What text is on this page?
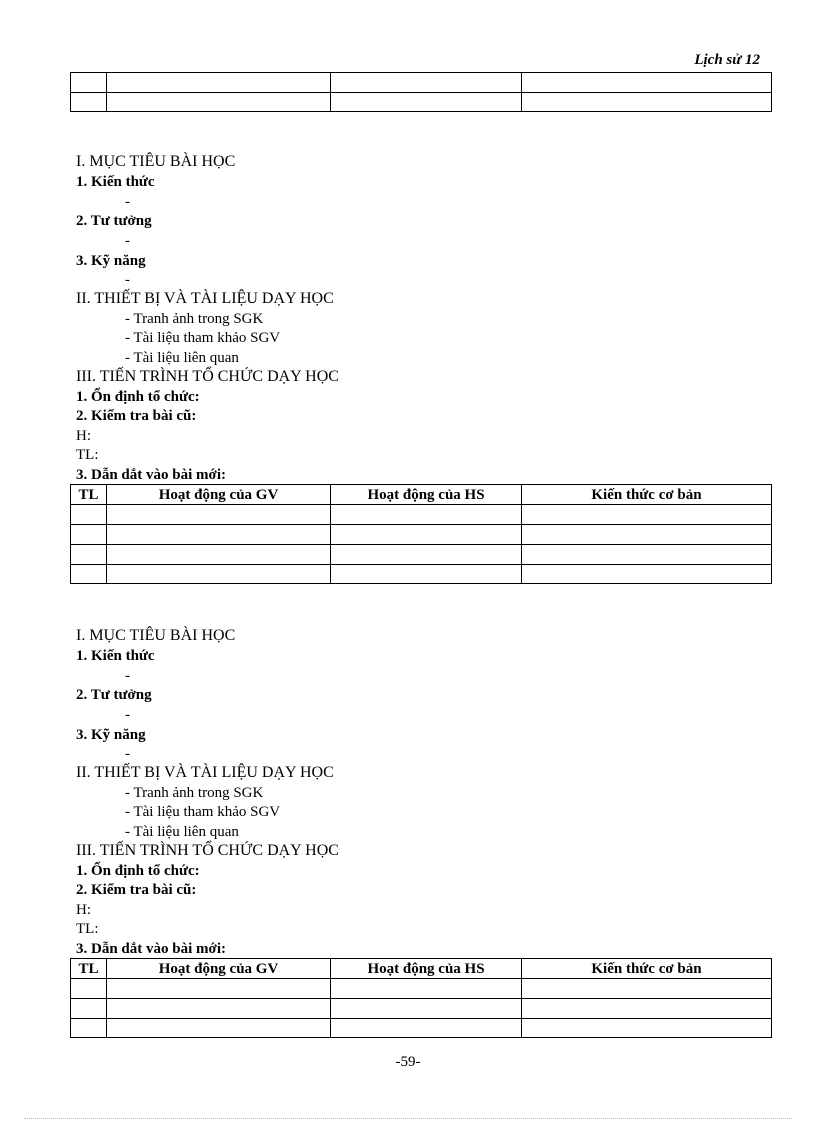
Lịch sử 12

I. MỤC TIÊU BÀI HỌC
1. Kiến thức
-
2. Tư tưởng
-
3. Kỹ năng
-
II. THIẾT BỊ VÀ TÀI LIỆU DẠY HỌC
- Tranh ảnh trong SGK
- Tài liệu tham khảo SGV
- Tài liệu liên quan
III. TIẾN TRÌNH TỔ CHỨC DẠY HỌC
1. Ổn định tổ chức:
2. Kiểm tra bài cũ:
H:
TL:
3. Dẫn dắt vào bài mới:
TL	Hoạt động của GV	Hoạt động của HS	Kiến thức cơ bản

I. MỤC TIÊU BÀI HỌC
1. Kiến thức
-
2. Tư tưởng
-
3. Kỹ năng
-
II. THIẾT BỊ VÀ TÀI LIỆU DẠY HỌC
- Tranh ảnh trong SGK
- Tài liệu tham khảo SGV
- Tài liệu liên quan
III. TIẾN TRÌNH TỔ CHỨC DẠY HỌC
1. Ổn định tổ chức:
2. Kiểm tra bài cũ:
H:
TL:
3. Dẫn dắt vào bài mới:
TL	Hoạt động của GV	Hoạt động của HS	Kiến thức cơ bản

-59-
